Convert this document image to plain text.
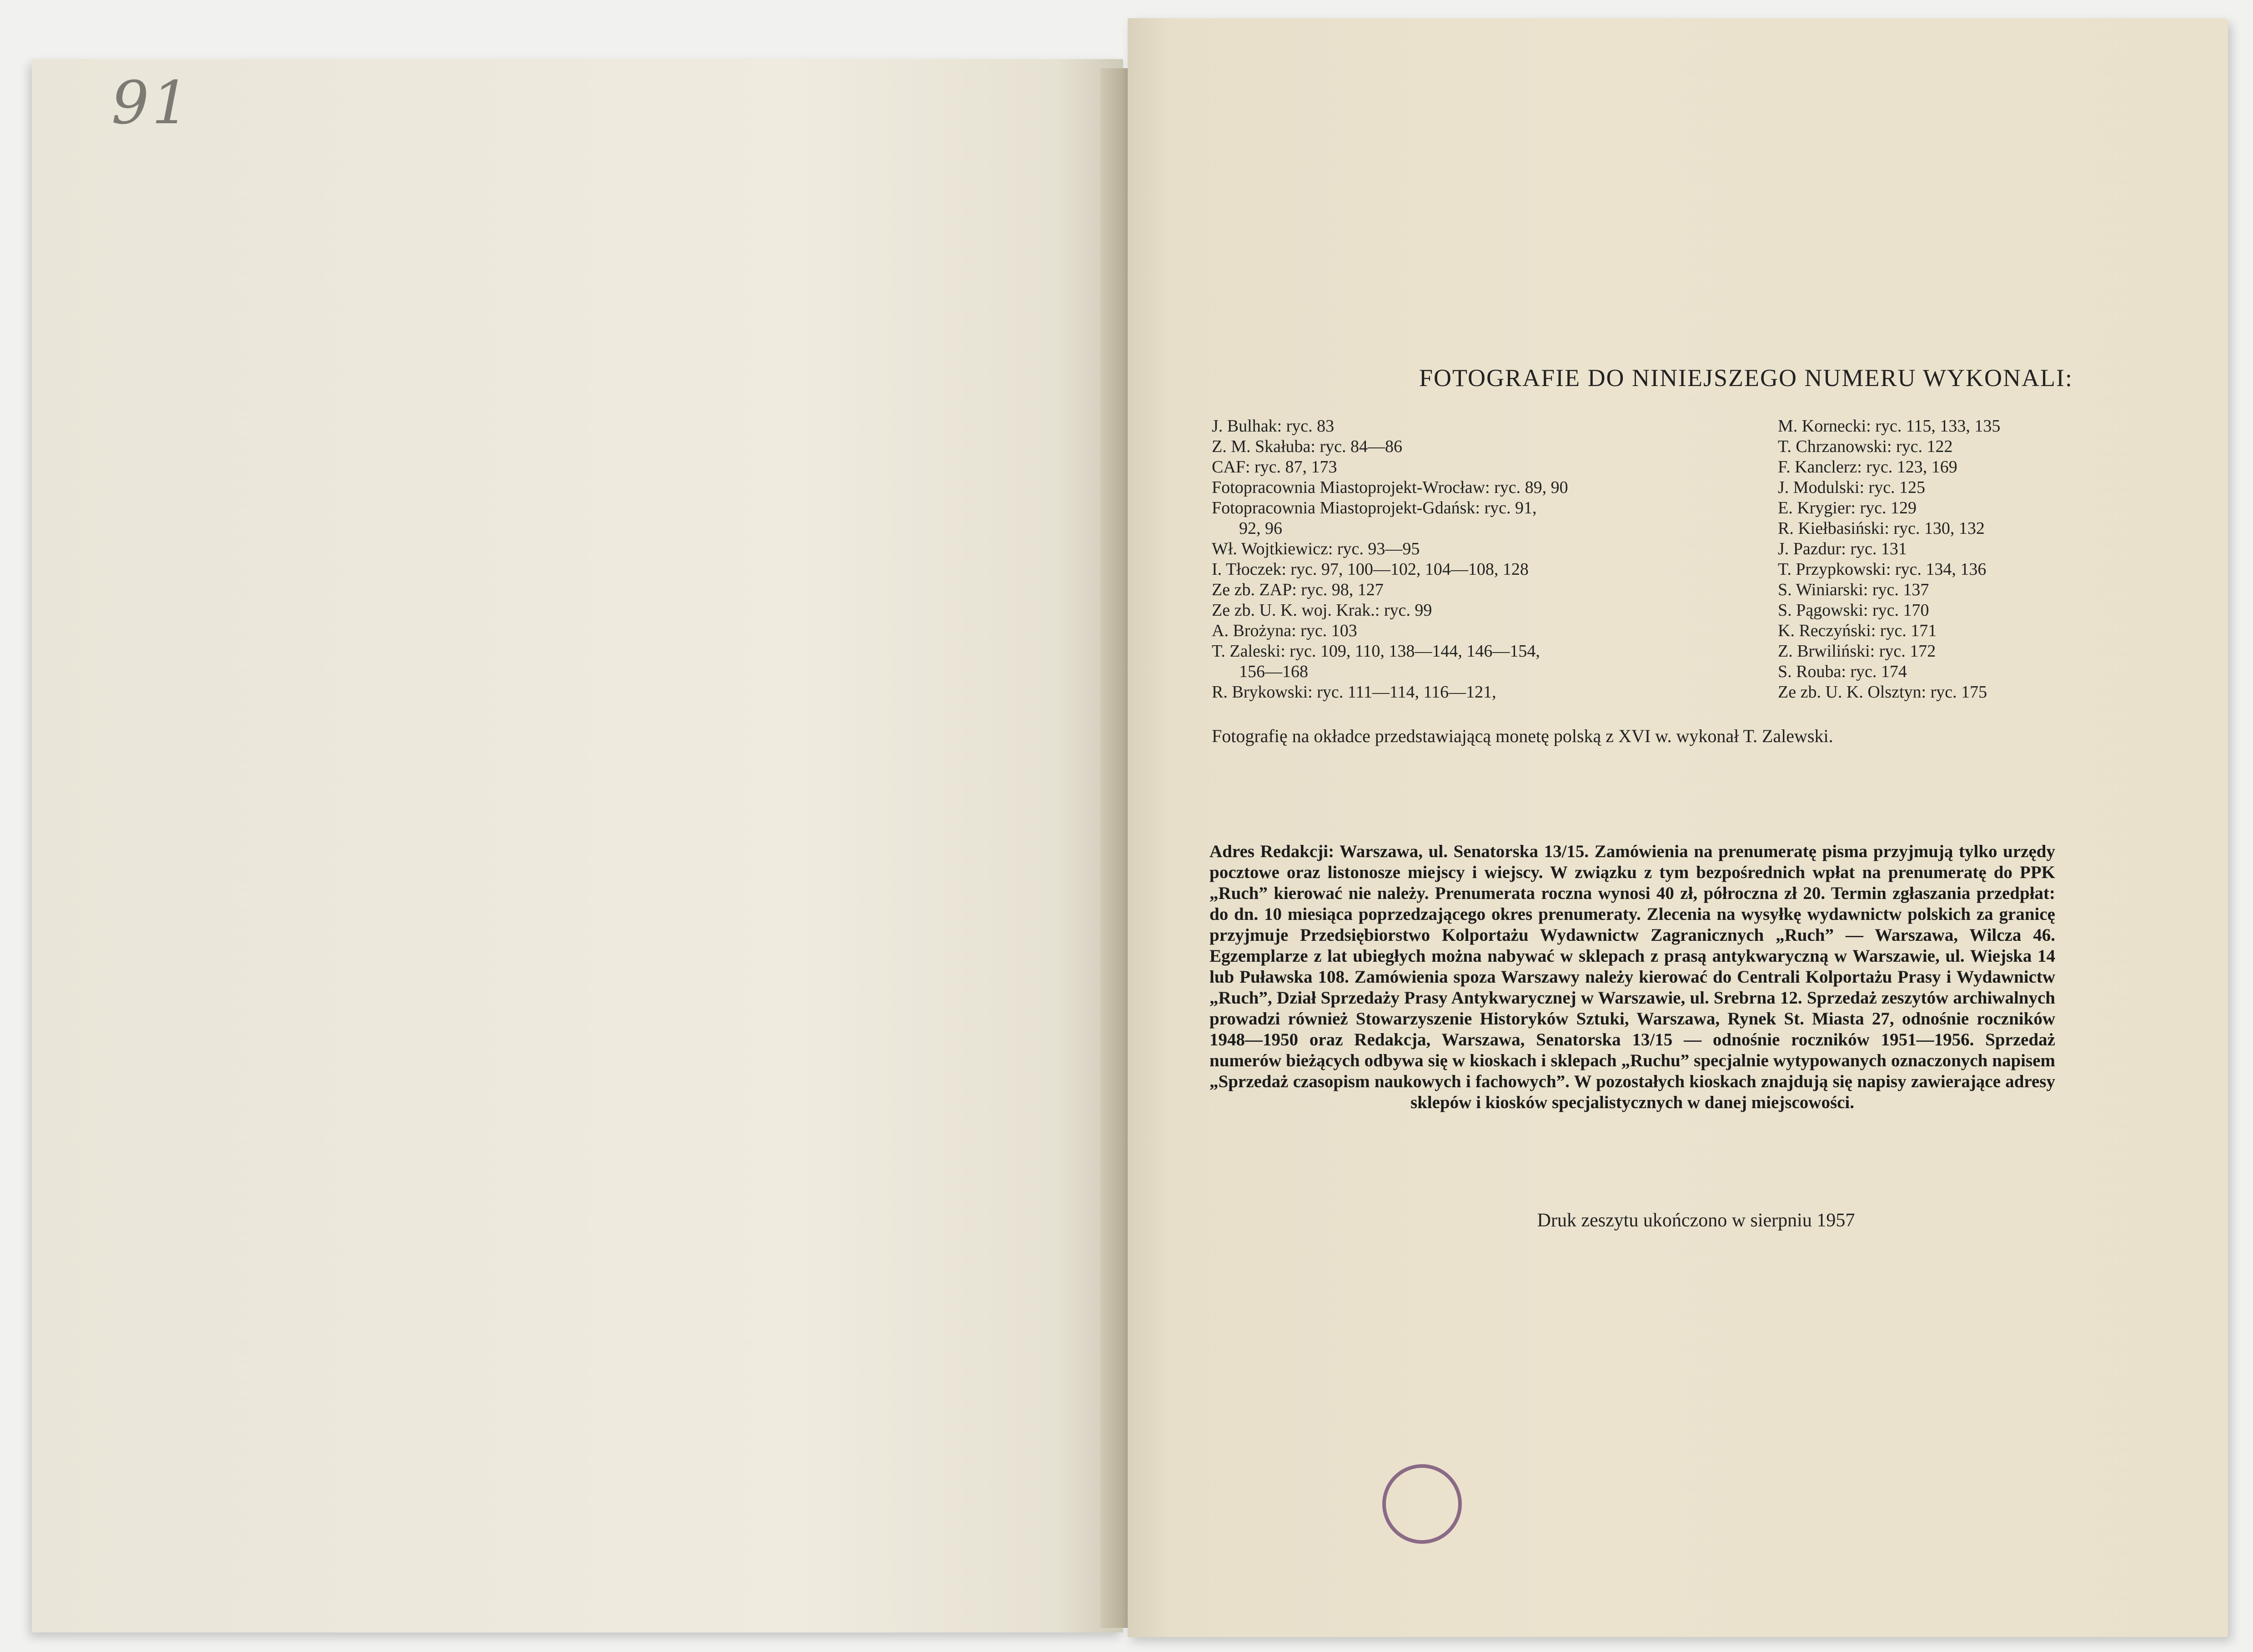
91
FOTOGRAFIE DO NINIEJSZEGO NUMERU WYKONALI:
J. Bulhak: ryc. 83
Z. M. Skałuba: ryc. 84—86
CAF: ryc. 87, 173
Fotopracownia Miastoprojekt-Wrocław: ryc. 89, 90
Fotopracownia Miastoprojekt-Gdańsk: ryc. 91,
92, 96
Wł. Wojtkiewicz: ryc. 93—95
I. Tłoczek: ryc. 97, 100—102, 104—108, 128
Ze zb. ZAP: ryc. 98, 127
Ze zb. U. K. woj. Krak.: ryc. 99
A. Brożyna: ryc. 103
T. Zaleski: ryc. 109, 110, 138—144, 146—154,
156—168
R. Brykowski: ryc. 111—114, 116—121,
M. Kornecki: ryc. 115, 133, 135
T. Chrzanowski: ryc. 122
F. Kanclerz: ryc. 123, 169
J. Modulski: ryc. 125
E. Krygier: ryc. 129
R. Kiełbasiński: ryc. 130, 132
J. Pazdur: ryc. 131
T. Przypkowski: ryc. 134, 136
S. Winiarski: ryc. 137
S. Pągowski: ryc. 170
K. Reczyński: ryc. 171
Z. Brwiliński: ryc. 172
S. Rouba: ryc. 174
Ze zb. U. K. Olsztyn: ryc. 175
Fotografię na okładce przedstawiającą monetę polską z XVI w. wykonał T. Zalewski.
Adres Redakcji: Warszawa, ul. Senatorska 13/15. Zamówienia na prenumeratę pisma przyjmują tylko urzędy pocztowe oraz listonosze miejscy i wiejscy. W związku z tym bezpośrednich wpłat na prenumeratę do PPK „Ruch” kierować nie należy. Prenumerata roczna wynosi 40 zł, półroczna zł 20. Termin zgłaszania przedpłat: do dn. 10 miesiąca poprzedzającego okres prenumeraty. Zlecenia na wysyłkę wydawnictw polskich za granicę przyjmuje Przedsiębiorstwo Kolportażu Wydawnictw Zagranicznych „Ruch” — Warszawa, Wilcza 46. Egzemplarze z lat ubiegłych można nabywać w sklepach z prasą antykwaryczną w Warszawie, ul. Wiejska 14 lub Puławska 108. Zamówienia spoza Warszawy należy kierować do Centrali Kolportażu Prasy i Wydawnictw „Ruch”, Dział Sprzedaży Prasy Antykwarycznej w Warszawie, ul. Srebrna 12. Sprzedaż zeszytów archiwalnych prowadzi również Stowarzyszenie Historyków Sztuki, Warszawa, Rynek St. Miasta 27, odnośnie roczników 1948—1950 oraz Redakcja, Warszawa, Senatorska 13/15 — odnośnie roczników 1951—1956. Sprzedaż numerów bieżących odbywa się w kioskach i sklepach „Ruchu” specjalnie wytypowanych oznaczonych napisem „Sprzedaż czasopism naukowych i fachowych”. W pozostałych kioskach znajdują się napisy zawierające adresy sklepów i kiosków specjalistycznych w danej miejscowości.
Druk zeszytu ukończono w sierpniu 1957
